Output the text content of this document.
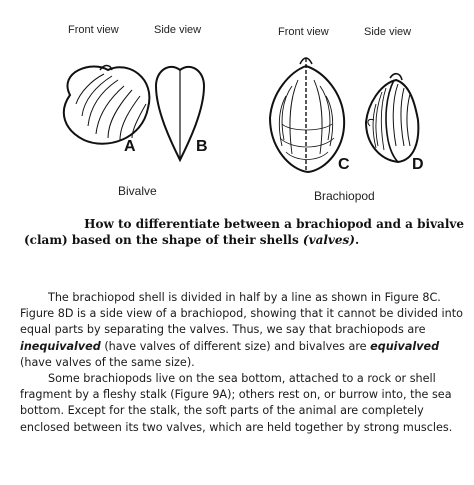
Front view	Side view	Front view	Side view
A	B
C	D
Bivalve	Brachiopod

How to differentiate between a brachiopod and a bivalve

(clam) based on the shape of their shells (valves).

The brachiopod shell is divided in half by a line as shown in Figure 8C. Figure 8D is a side view of a brachiopod, showing that it cannot be divided into equal parts by separating the valves. Thus, we say that brachiopods are inequivalved (have valves of different size) and bivalves are equivalved (have valves of the same size).

Some brachiopods live on the sea bottom, attached to a rock or shell fragment by a fleshy stalk (Figure 9A); others rest on, or burrow into, the sea bottom. Except for the stalk, the soft parts of the animal are completely enclosed between its two valves, which are held together by strong muscles.
